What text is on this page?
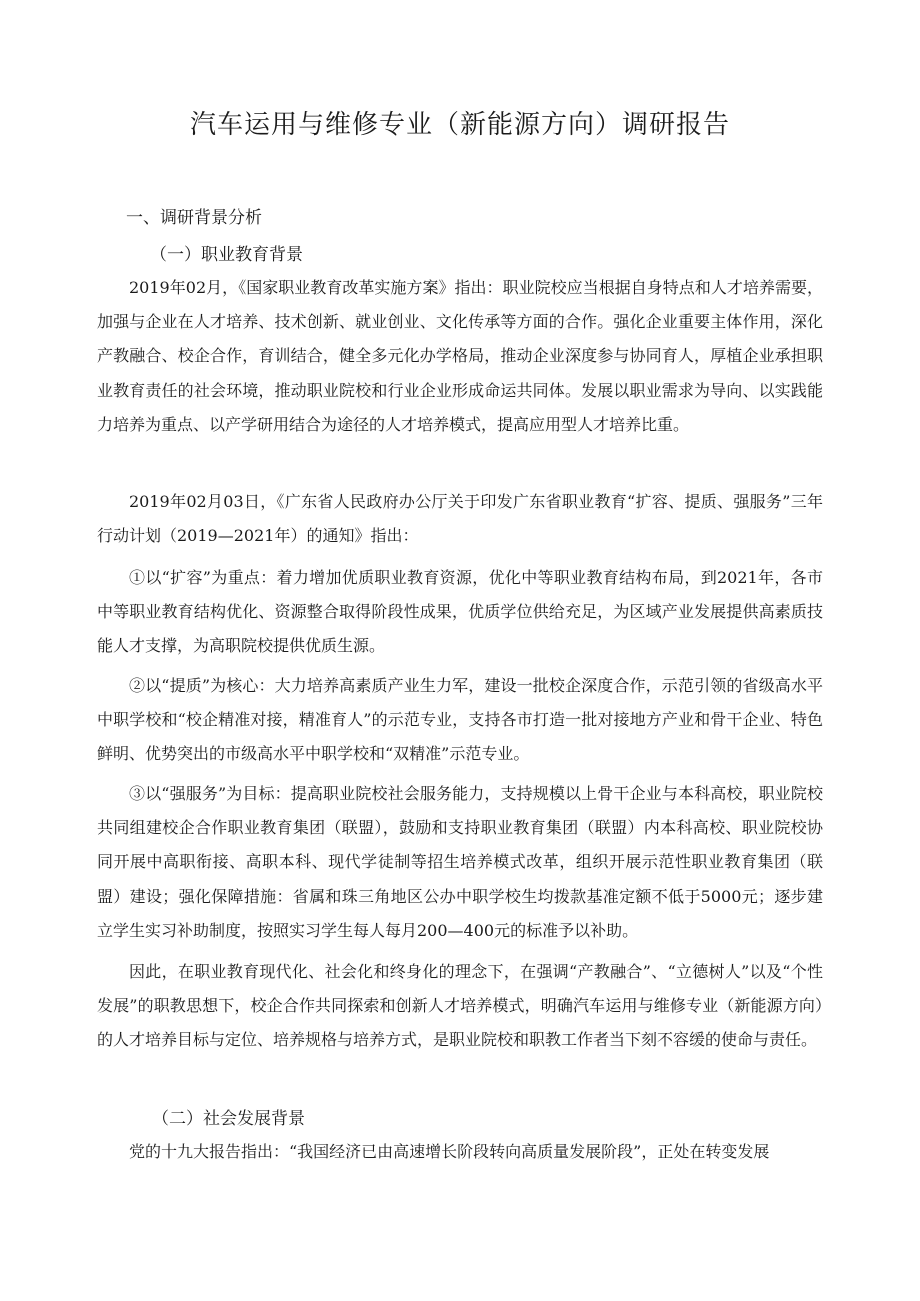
汽车运用与维修专业（新能源方向）调研报告
一、调研背景分析
（一）职业教育背景

2019年02月，《国家职业教育改革实施方案》指出：职业院校应当根据自身特点和人才培养需要，加强与企业在人才培养、技术创新、就业创业、文化传承等方面的合作。强化企业重要主体作用，深化产教融合、校企合作，育训结合，健全多元化办学格局，推动企业深度参与协同育人，厚植企业承担职业教育责任的社会环境，推动职业院校和行业企业形成命运共同体。发展以职业需求为导向、以实践能力培养为重点、以产学研用结合为途径的人才培养模式，提高应用型人才培养比重。

2019年02月03日，《广东省人民政府办公厅关于印发广东省职业教育“扩容、提质、强服务”三年行动计划（2019—2021年）的通知》指出：

①以“扩容”为重点：着力增加优质职业教育资源，优化中等职业教育结构布局，到2021年，各市中等职业教育结构优化、资源整合取得阶段性成果，优质学位供给充足，为区域产业发展提供高素质技能人才支撑，为高职院校提供优质生源。

②以“提质”为核心：大力培养高素质产业生力军，建设一批校企深度合作，示范引领的省级高水平中职学校和“校企精准对接，精准育人”的示范专业，支持各市打造一批对接地方产业和骨干企业、特色鲜明、优势突出的市级高水平中职学校和“双精准”示范专业。

③以“强服务”为目标：提高职业院校社会服务能力，支持规模以上骨干企业与本科高校，职业院校共同组建校企合作职业教育集团（联盟），鼓励和支持职业教育集团（联盟）内本科高校、职业院校协同开展中高职衔接、高职本科、现代学徒制等招生培养模式改革，组织开展示范性职业教育集团（联盟）建设；强化保障措施：省属和珠三角地区公办中职学校生均拨款基准定额不低于5000元；逐步建立学生实习补助制度，按照实习学生每人每月200—400元的标准予以补助。

因此，在职业教育现代化、社会化和终身化的理念下，在强调“产教融合”、“立德树人”以及“个性发展”的职教思想下，校企合作共同探索和创新人才培养模式，明确汽车运用与维修专业（新能源方向）的人才培养目标与定位、培养规格与培养方式，是职业院校和职教工作者当下刻不容缓的使命与责任。

（二）社会发展背景

党的十九大报告指出：“我国经济已由高速增长阶段转向高质量发展阶段”，正处在转变发展
